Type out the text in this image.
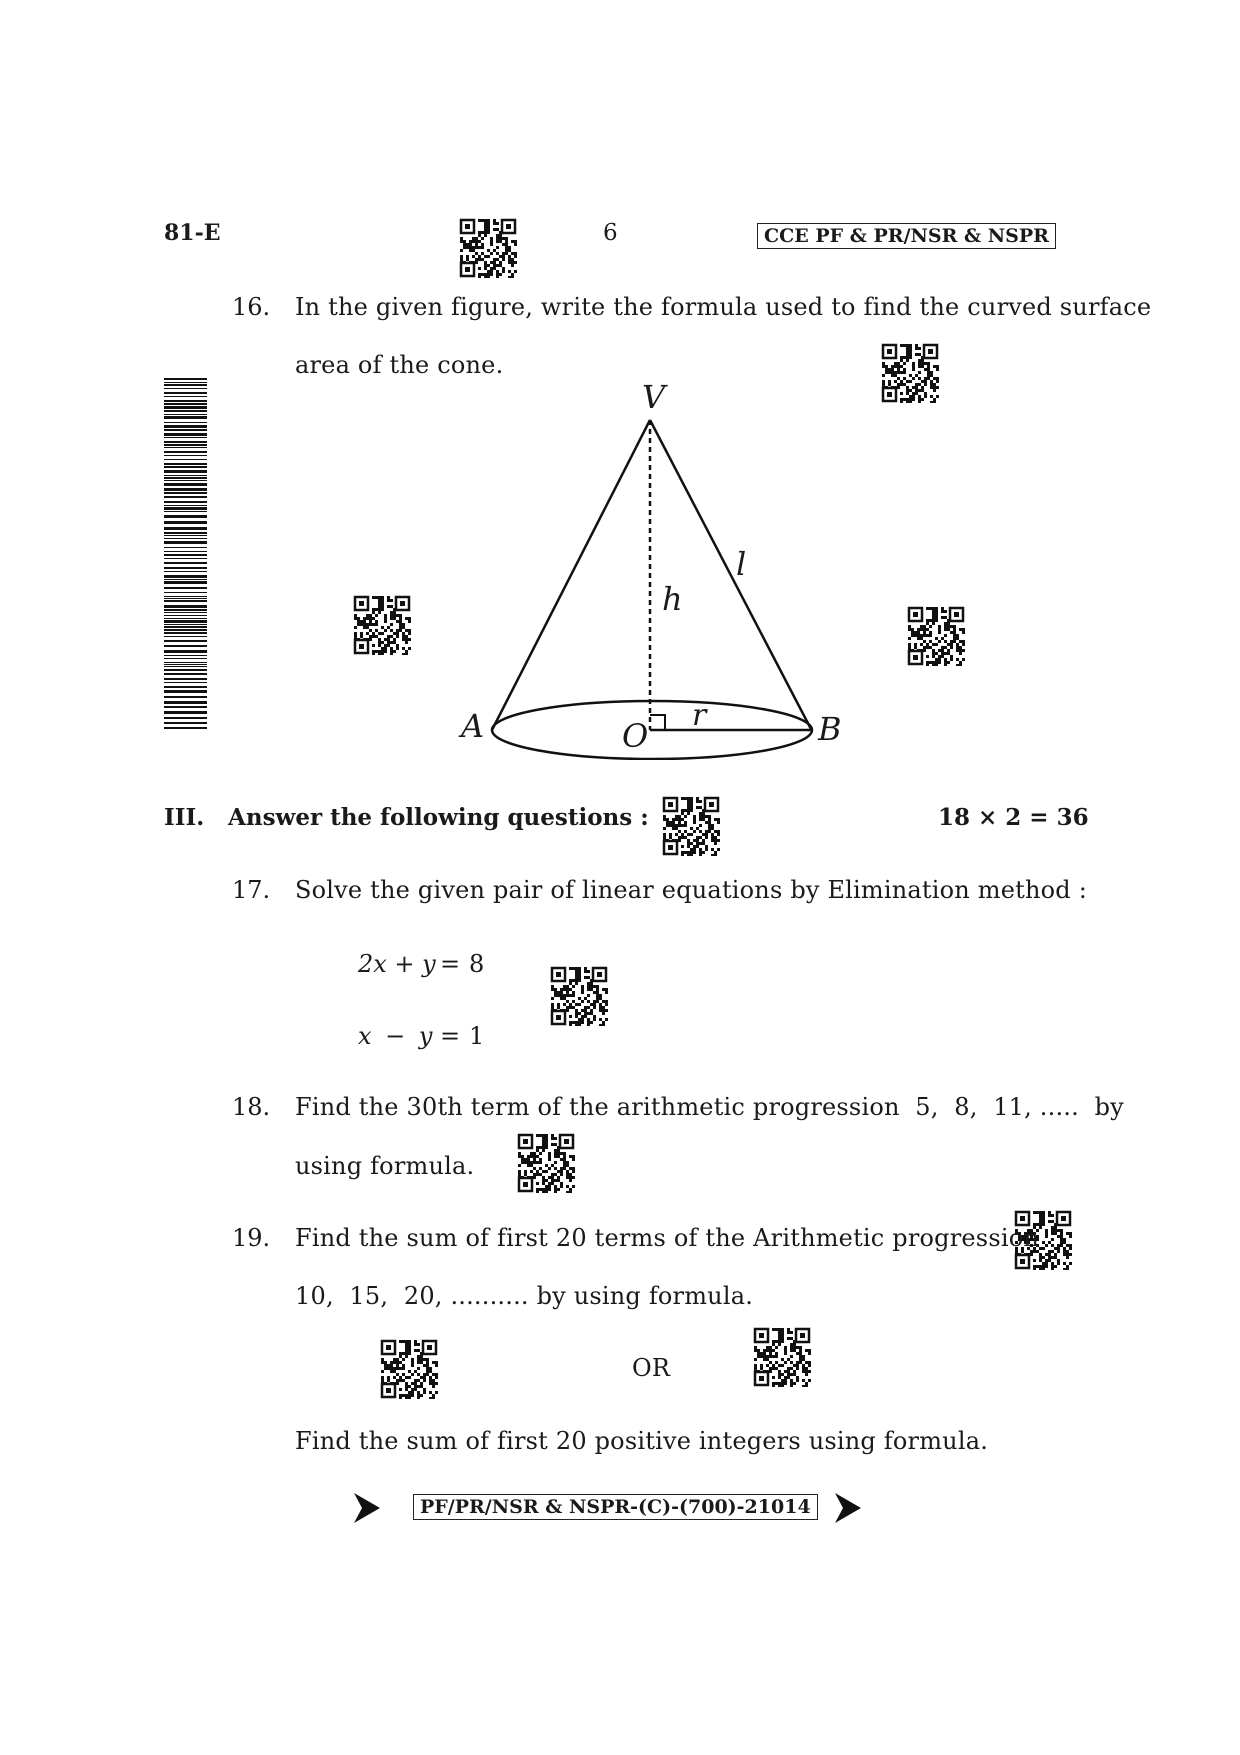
81-E	6	CCE PF & PR/NSR & NSPR
16. In the given figure, write the formula used to find the curved surface
area of the cone.
V
h
l
A	O
r	B
III. Answer the following questions :	18 × 2 = 36
17. Solve the given pair of linear equations by Elimination method :
2x + y = 8
x − y = 1
18. Find the 30th term of the arithmetic progression  5,  8,  11, .....  by
using formula.
19. Find the sum of first 20 terms of the Arithmetic progression
10,  15,  20, .......... by using formula.
OR
Find the sum of first 20 positive integers using formula.
PF/PR/NSR & NSPR-(C)-(700)-21014
